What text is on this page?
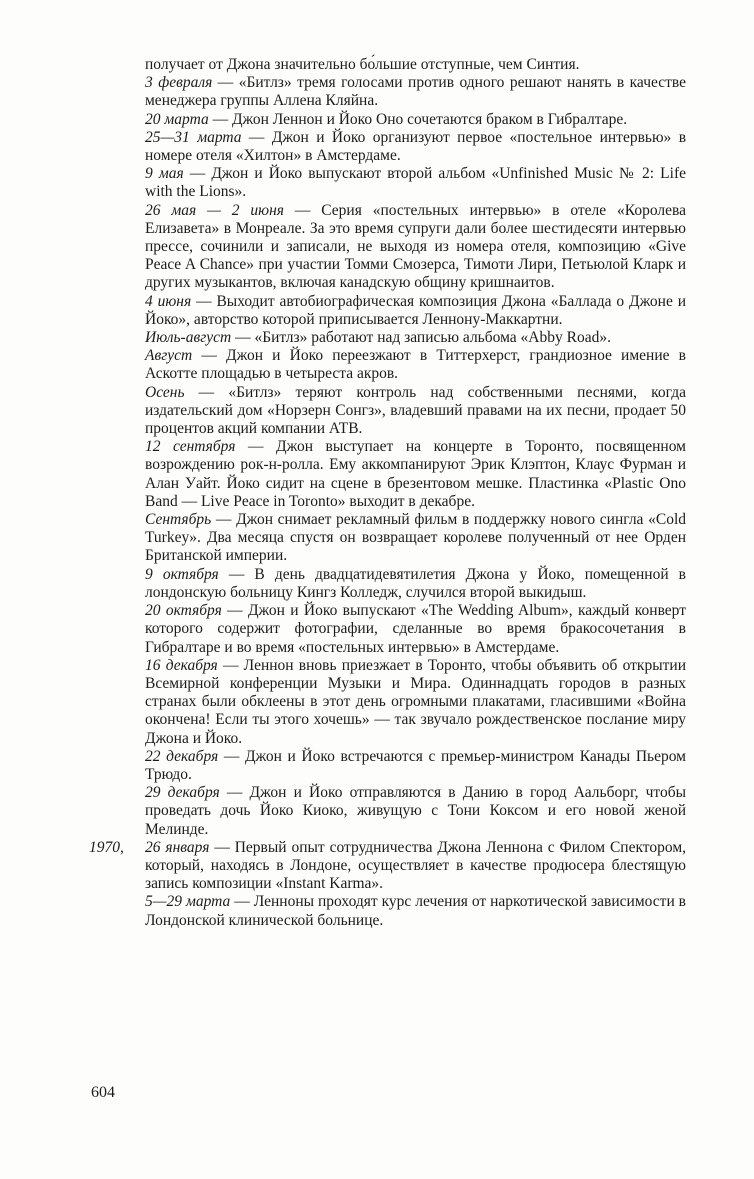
получает от Джона значительно бо́льшие отступные, чем Синтия.

3 февраля — «Битлз» тремя голосами против одного решают нанять в качестве менеджера группы Аллена Кляйна.

20 марта — Джон Леннон и Йоко Оно сочетаются браком в Гибралтаре.

25—31 марта — Джон и Йоко организуют первое «постельное интервью» в номере отеля «Хилтон» в Амстердаме.

9 мая — Джон и Йоко выпускают второй альбом «Unfinished Music № 2: Life with the Lions».

26 мая — 2 июня — Серия «постельных интервью» в отеле «Королева Елизавета» в Монреале. За это время супруги дали более шестидесяти интервью прессе, сочинили и записали, не выходя из номера отеля, композицию «Give Peace A Chance» при участии Томми Смозерса, Тимоти Лири, Петьюлой Кларк и других музыкантов, включая канадскую общину кришнаитов.

4 июня — Выходит автобиографическая композиция Джона «Баллада о Джоне и Йоко», авторство которой приписывается Леннону-Маккартни.

Июль-август — «Битлз» работают над записью альбома «Abby Road».

Август — Джон и Йоко переезжают в Титтерхерст, грандиозное имение в Аскотте площадью в четыреста акров.

Осень — «Битлз» теряют контроль над собственными песнями, когда издательский дом «Норзерн Сонгз», владевший правами на их песни, продает 50 процентов акций компании АТВ.

12 сентября — Джон выступает на концерте в Торонто, посвященном возрождению рок-н-ролла. Ему аккомпанируют Эрик Клэптон, Клаус Фурман и Алан Уайт. Йоко сидит на сцене в брезентовом мешке. Пластинка «Plastic Ono Band — Live Peace in Toronto» выходит в декабре.

Сентябрь — Джон снимает рекламный фильм в поддержку нового сингла «Cold Turkey». Два месяца спустя он возвращает королеве полученный от нее Орден Британской империи.

9 октября — В день двадцатидевятилетия Джона у Йоко, помещенной в лондонскую больницу Кингз Колледж, случился второй выкидыш.

20 октября — Джон и Йоко выпускают «The Wedding Album», каждый конверт которого содержит фотографии, сделанные во время бракосочетания в Гибралтаре и во время «постельных интервью» в Амстердаме.

16 декабря — Леннон вновь приезжает в Торонто, чтобы объявить об открытии Всемирной конференции Музыки и Мира. Одиннадцать городов в разных странах были обклеены в этот день огромными плакатами, гласившими «Война окончена! Если ты этого хочешь» — так звучало рождественское послание миру Джона и Йоко.

22 декабря — Джон и Йоко встречаются с премьер-министром Канады Пьером Трюдо.

29 декабря — Джон и Йоко отправляются в Данию в город Аальборг, чтобы проведать дочь Йоко Киоко, живущую с Тони Коксом и его новой женой Мелинде.

1970, 26 января — Первый опыт сотрудничества Джона Леннона с Филом Спектором, который, находясь в Лондоне, осуществляет в качестве продюсера блестящую запись композиции «Instant Karma».

5—29 марта — Ленноны проходят курс лечения от наркотической зависимости в Лондонской клинической больнице.

604
